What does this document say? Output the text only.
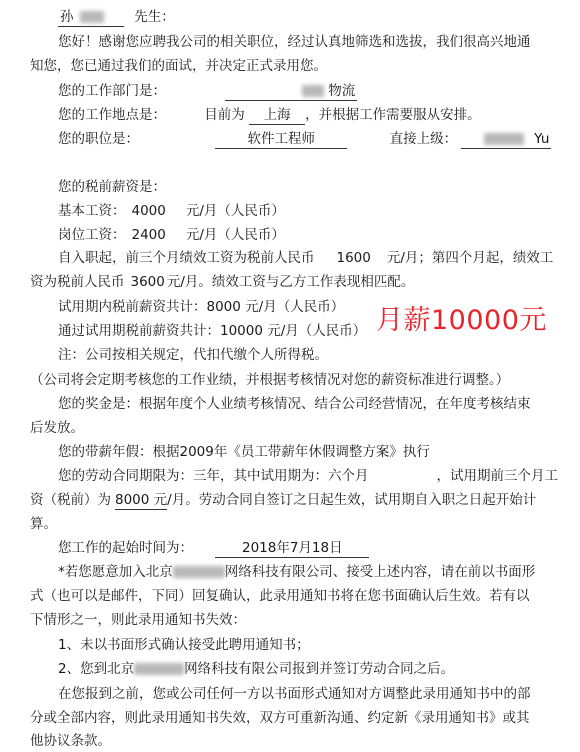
孙	先生：
您好！感谢您应聘我公司的相关职位，经过认真地筛选和选拔，我们很高兴地通
知您，您已通过我们的面试，并决定正式录用您。
您的工作部门是：	物流
您的工作地点是：	目前为 上海 ，并根据工作需要服从安排。
您的职位是：	软件工程师	直接上级：	Yu
您的税前薪资是：
基本工资： 4000 元/月（人民币）
岗位工资： 2400 元/月（人民币）
自入职起，前三个月绩效工资为税前人民币 1600 元/月；第四个月起，绩效工
资为税前人民币 3600 元/月。绩效工资与乙方工作表现相匹配。
试用期内税前薪资共计：8000 元/月（人民币）
通过试用期税前薪资共计：10000 元/月（人民币） 月薪10000元
注：公司按相关规定，代扣代缴个人所得税。
（公司将会定期考核您的工作业绩，并根据考核情况对您的薪资标准进行调整。）
您的奖金是：根据年度个人业绩考核情况、结合公司经营情况，在年度考核结束
后发放。
您的带薪年假：根据2009年《员工带薪年休假调整方案》执行
您的劳动合同期限为：三年，其中试用期为：六个月	，试用期前三个月工
资（税前）为 8000 元/月。劳动合同自签订之日起生效，试用期自入职之日起开始计
算。
您工作的起始时间为：	2018年7月18日
*若您愿意加入北京	网络科技有限公司、接受上述内容，请在前以书面形
式（也可以是邮件，下同）回复确认，此录用通知书将在您书面确认后生效。若有以
下情形之一，则此录用通知书失效：
1、未以书面形式确认接受此聘用通知书；
2、您到北京	网络科技有限公司报到并签订劳动合同之后。
在您报到之前，您或公司任何一方以书面形式通知对方调整此录用通知书中的部
分或全部内容，则此录用通知书失效，双方可重新沟通、约定新《录用通知书》或其
他协议条款。
